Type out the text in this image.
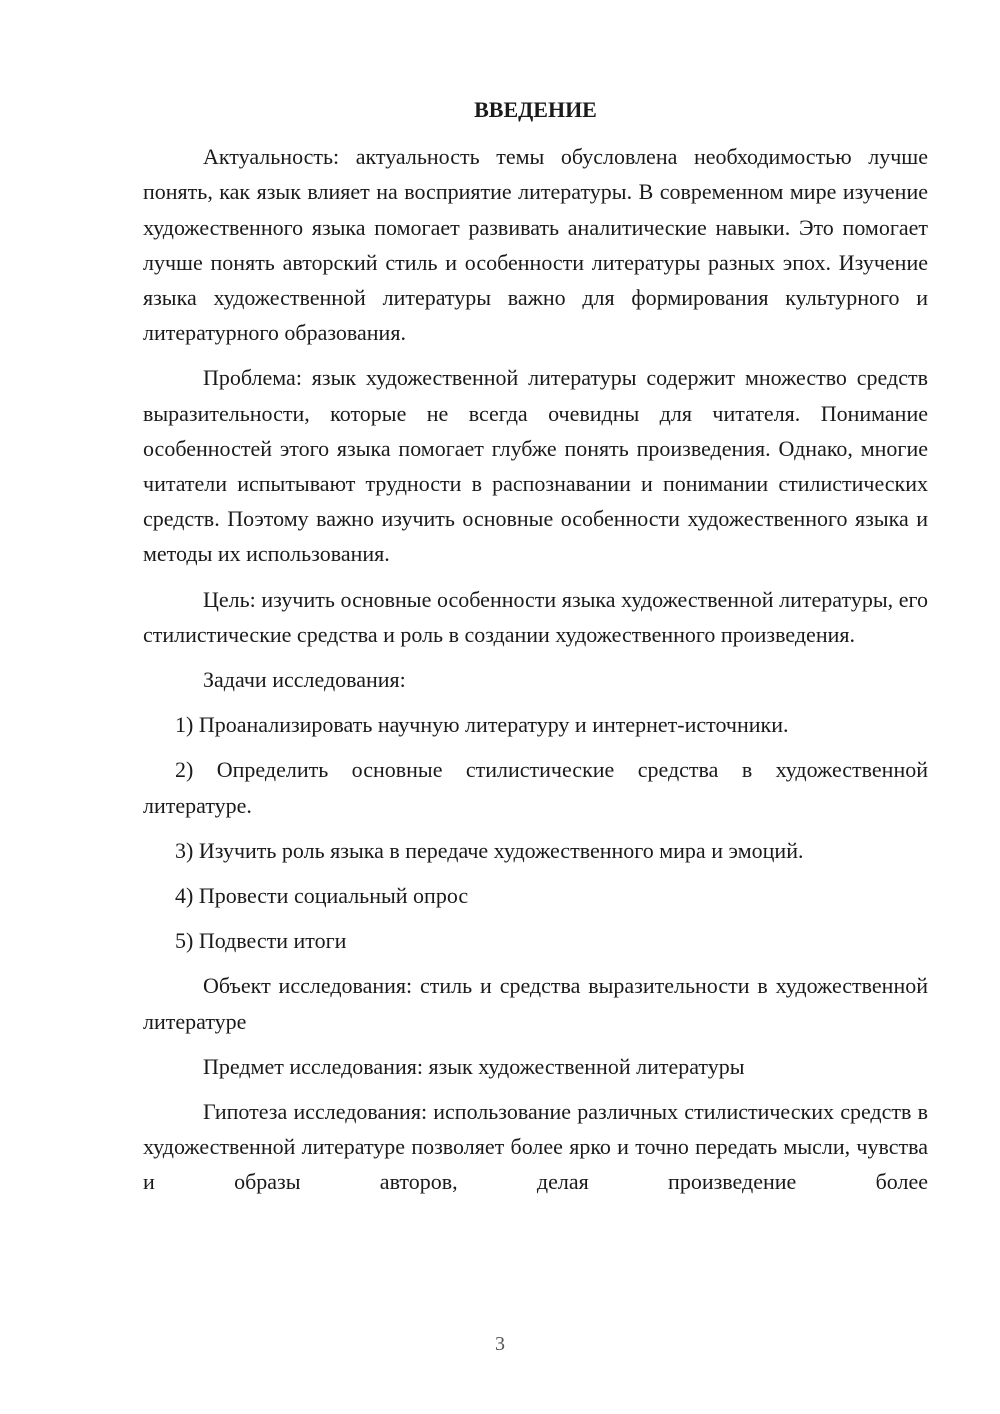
ВВЕДЕНИЕ

Актуальность: актуальность темы обусловлена необходимостью лучше понять, как язык влияет на восприятие литературы. В современном мире изучение художественного языка помогает развивать аналитические навыки. Это помогает лучше понять авторский стиль и особенности литературы разных эпох. Изучение языка художественной литературы важно для формирования культурного и литературного образования.

Проблема: язык художественной литературы содержит множество средств выразительности, которые не всегда очевидны для читателя. Понимание особенностей этого языка помогает глубже понять произведения. Однако, многие читатели испытывают трудности в распознавании и понимании стилистических средств. Поэтому важно изучить основные особенности художественного языка и методы их использования.

Цель: изучить основные особенности языка художественной литературы, его стилистические средства и роль в создании художественного произведения.

Задачи исследования:

1) Проанализировать научную литературу и интернет-источники.

2) Определить основные стилистические средства в художественной литературе.

3) Изучить роль языка в передаче художественного мира и эмоций.

4) Провести социальный опрос

5) Подвести итоги

Объект исследования: стиль и средства выразительности в художественной литературе

Предмет исследования: язык художественной литературы

Гипотеза исследования: использование различных стилистических средств в художественной литературе позволяет более ярко и точно передать мысли, чувства и образы авторов, делая произведение более

3
